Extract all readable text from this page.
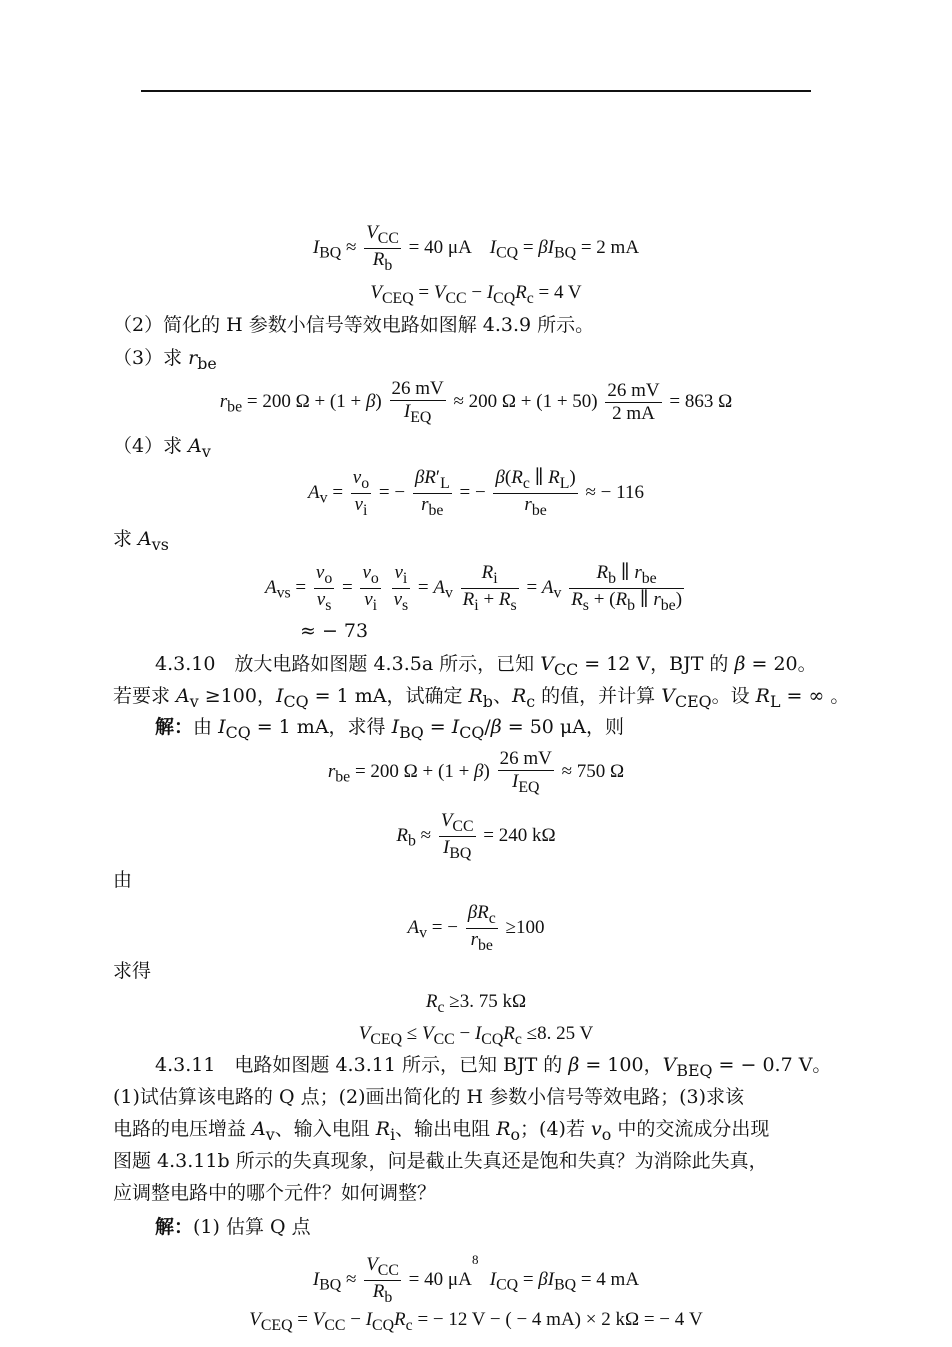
$I_{BQ} \approx \frac{V_{CC}}{R_b} = 40$ μA　$I_{CQ} = \beta I_{BQ} = 2$ mA
$V_{CEQ} = V_{CC} - I_{CQ}R_c = 4$ V
（2）简化的 H 参数小信号等效电路如图解 4.3.9 所示。
（3）求 $r_{be}$
$r_{be} = 200$ $\Omega + (1 + \beta) \frac{26 mV}{I_{EQ}} \approx 200$ $\Omega + (1 + 50) \frac{26 mV}{2 mA} = 863$ Ω
（4）求 $A_v$
$A_v = \frac{v_o}{v_i}$ = − $\frac{\beta R'_L}{r_{be}}$ = − $\frac{\beta(R_c \parallel R_L)}{r_{be}}$ ≈ − 116
求 $A_{vs}$
$A_{vs} = \frac{v_o}{v_s} = \frac{v_o}{v_i}$
$\frac{v_i}{v_s} = A_v \frac{R_i}{R_i + R_s} = A_v \frac{R_b \parallel r_{be}}{R_s + (R_b \parallel r_{be})}$
≈ − 73
4.3.10　放大电路如图题 4.3.5a 所示，已知 $V_{CC} = 12$ V，BJT 的 β = 20。
若要求 $A_v \ge 100$，$I_{CQ} = 1$ mA，试确定 $R_b$、$R_c$ 的值，并计算 $V_{CEQ}$。设 $R_L$ = ∞ 。
解：由 $I_{CQ} = 1$ mA，求得 $I_{BQ} = I_{CQ}/\beta = 50$ μA，则
$r_{be} = 200$ $\Omega + (1 + \beta) \frac{26 mV}{I_{EQ}} \approx 750$ Ω
$R_b \approx \frac{V_{CC}}{I_{BQ}} = 240$ kΩ
由
$A_v$ = − $\frac{\beta R_c}{r_{be}} \ge 100$
求得
$R_c \ge 3$. 75 kΩ
$V_{CEQ} \le V_{CC} - I_{CQ}R_c \le 8$. 25 V
4.3.11　电路如图题 4.3.11 所示，已知 BJT 的 β = 100，$V_{BEQ}$ = − 0.7 V。
(1)试估算该电路的 Q 点；(2)画出简化的 H 参数小信号等效电路；(3)求该
电路的电压增益 $A_v$、输入电阻 $R_i$、输出电阻 $R_o$；(4)若 $v_o$ 中的交流成分出现
图题 4.3.11b 所示的失真现象，问是截止失真还是饱和失真？为消除此失真，
应调整电路中的哪个元件？如何调整？
解：(1) 估算 Q 点
$I_{BQ} \approx \frac{V_{CC}}{R_b} = 40$ μA　$I_{CQ} = \beta I_{BQ} = 4$ mA
8
$V_{CEQ} = V_{CC} - I_{CQ}R_c$ = − 12 V − ( − 4 mA) × 2 kΩ = − 4 V
